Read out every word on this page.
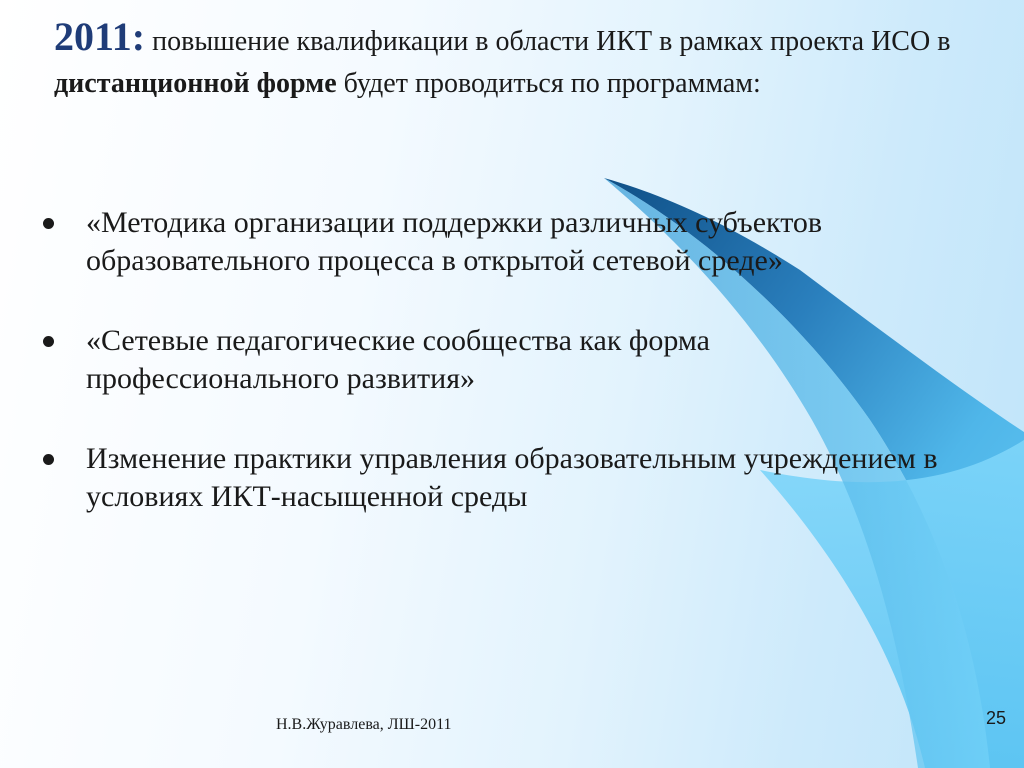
2011: повышение квалификации в области ИКТ в рамках проекта ИСО в дистанционной форме будет проводиться по программам:
«Методика организации поддержки различных субъектов образовательного процесса в открытой сетевой среде»
«Сетевые педагогические сообщества как форма профессионального развития»
Изменение практики управления образовательным учреждением в условиях ИКТ-насыщенной среды
Н.В.Журавлева, ЛШ-2011	25
